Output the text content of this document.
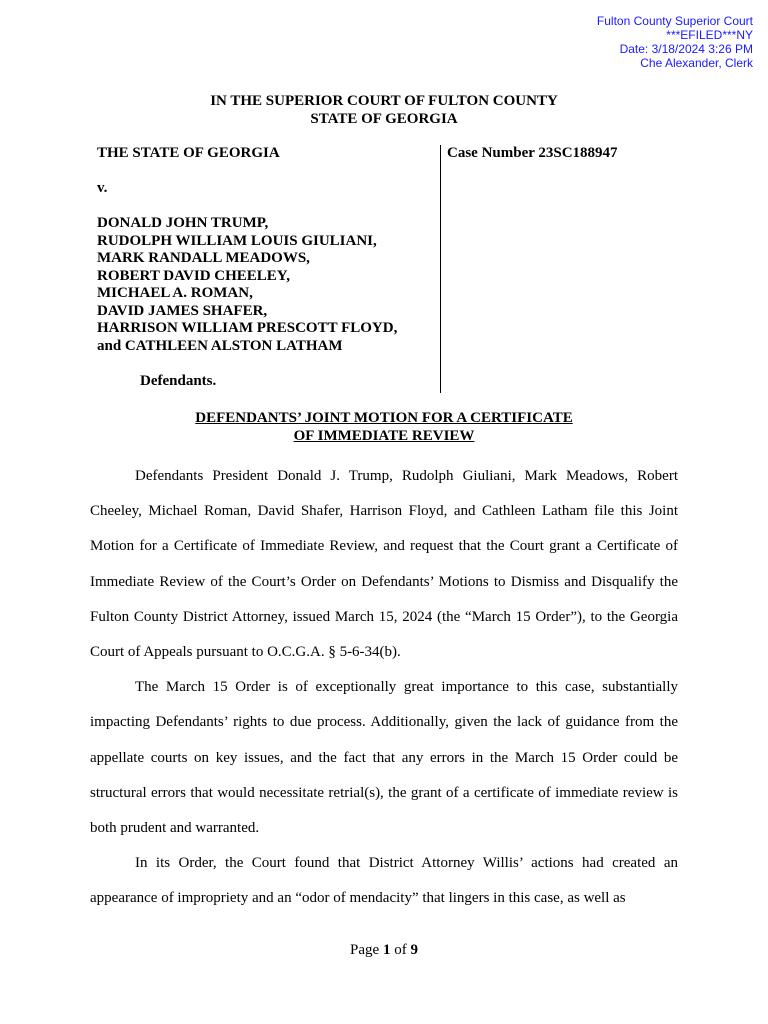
Fulton County Superior Court
***EFILED***NY
Date: 3/18/2024 3:26 PM
Che Alexander, Clerk
IN THE SUPERIOR COURT OF FULTON COUNTY
STATE OF GEORGIA
THE STATE OF GEORGIA
v.
DONALD JOHN TRUMP,
RUDOLPH WILLIAM LOUIS GIULIANI,
MARK RANDALL MEADOWS,
ROBERT DAVID CHEELEY,
MICHAEL A. ROMAN,
DAVID JAMES SHAFER,
HARRISON WILLIAM PRESCOTT FLOYD,
and CATHLEEN ALSTON LATHAM
Defendants.
Case Number 23SC188947
DEFENDANTS’ JOINT MOTION FOR A CERTIFICATE
OF IMMEDIATE REVIEW

Defendants President Donald J. Trump, Rudolph Giuliani, Mark Meadows, Robert Cheeley, Michael Roman, David Shafer, Harrison Floyd, and Cathleen Latham file this Joint Motion for a Certificate of Immediate Review, and request that the Court grant a Certificate of Immediate Review of the Court’s Order on Defendants’ Motions to Dismiss and Disqualify the Fulton County District Attorney, issued March 15, 2024 (the “March 15 Order”), to the Georgia Court of Appeals pursuant to O.C.G.A. § 5-6-34(b).

The March 15 Order is of exceptionally great importance to this case, substantially impacting Defendants’ rights to due process. Additionally, given the lack of guidance from the appellate courts on key issues, and the fact that any errors in the March 15 Order could be structural errors that would necessitate retrial(s), the grant of a certificate of immediate review is both prudent and warranted.

In its Order, the Court found that District Attorney Willis’ actions had created an appearance of impropriety and an “odor of mendacity” that lingers in this case, as well as

Page 1 of 9
